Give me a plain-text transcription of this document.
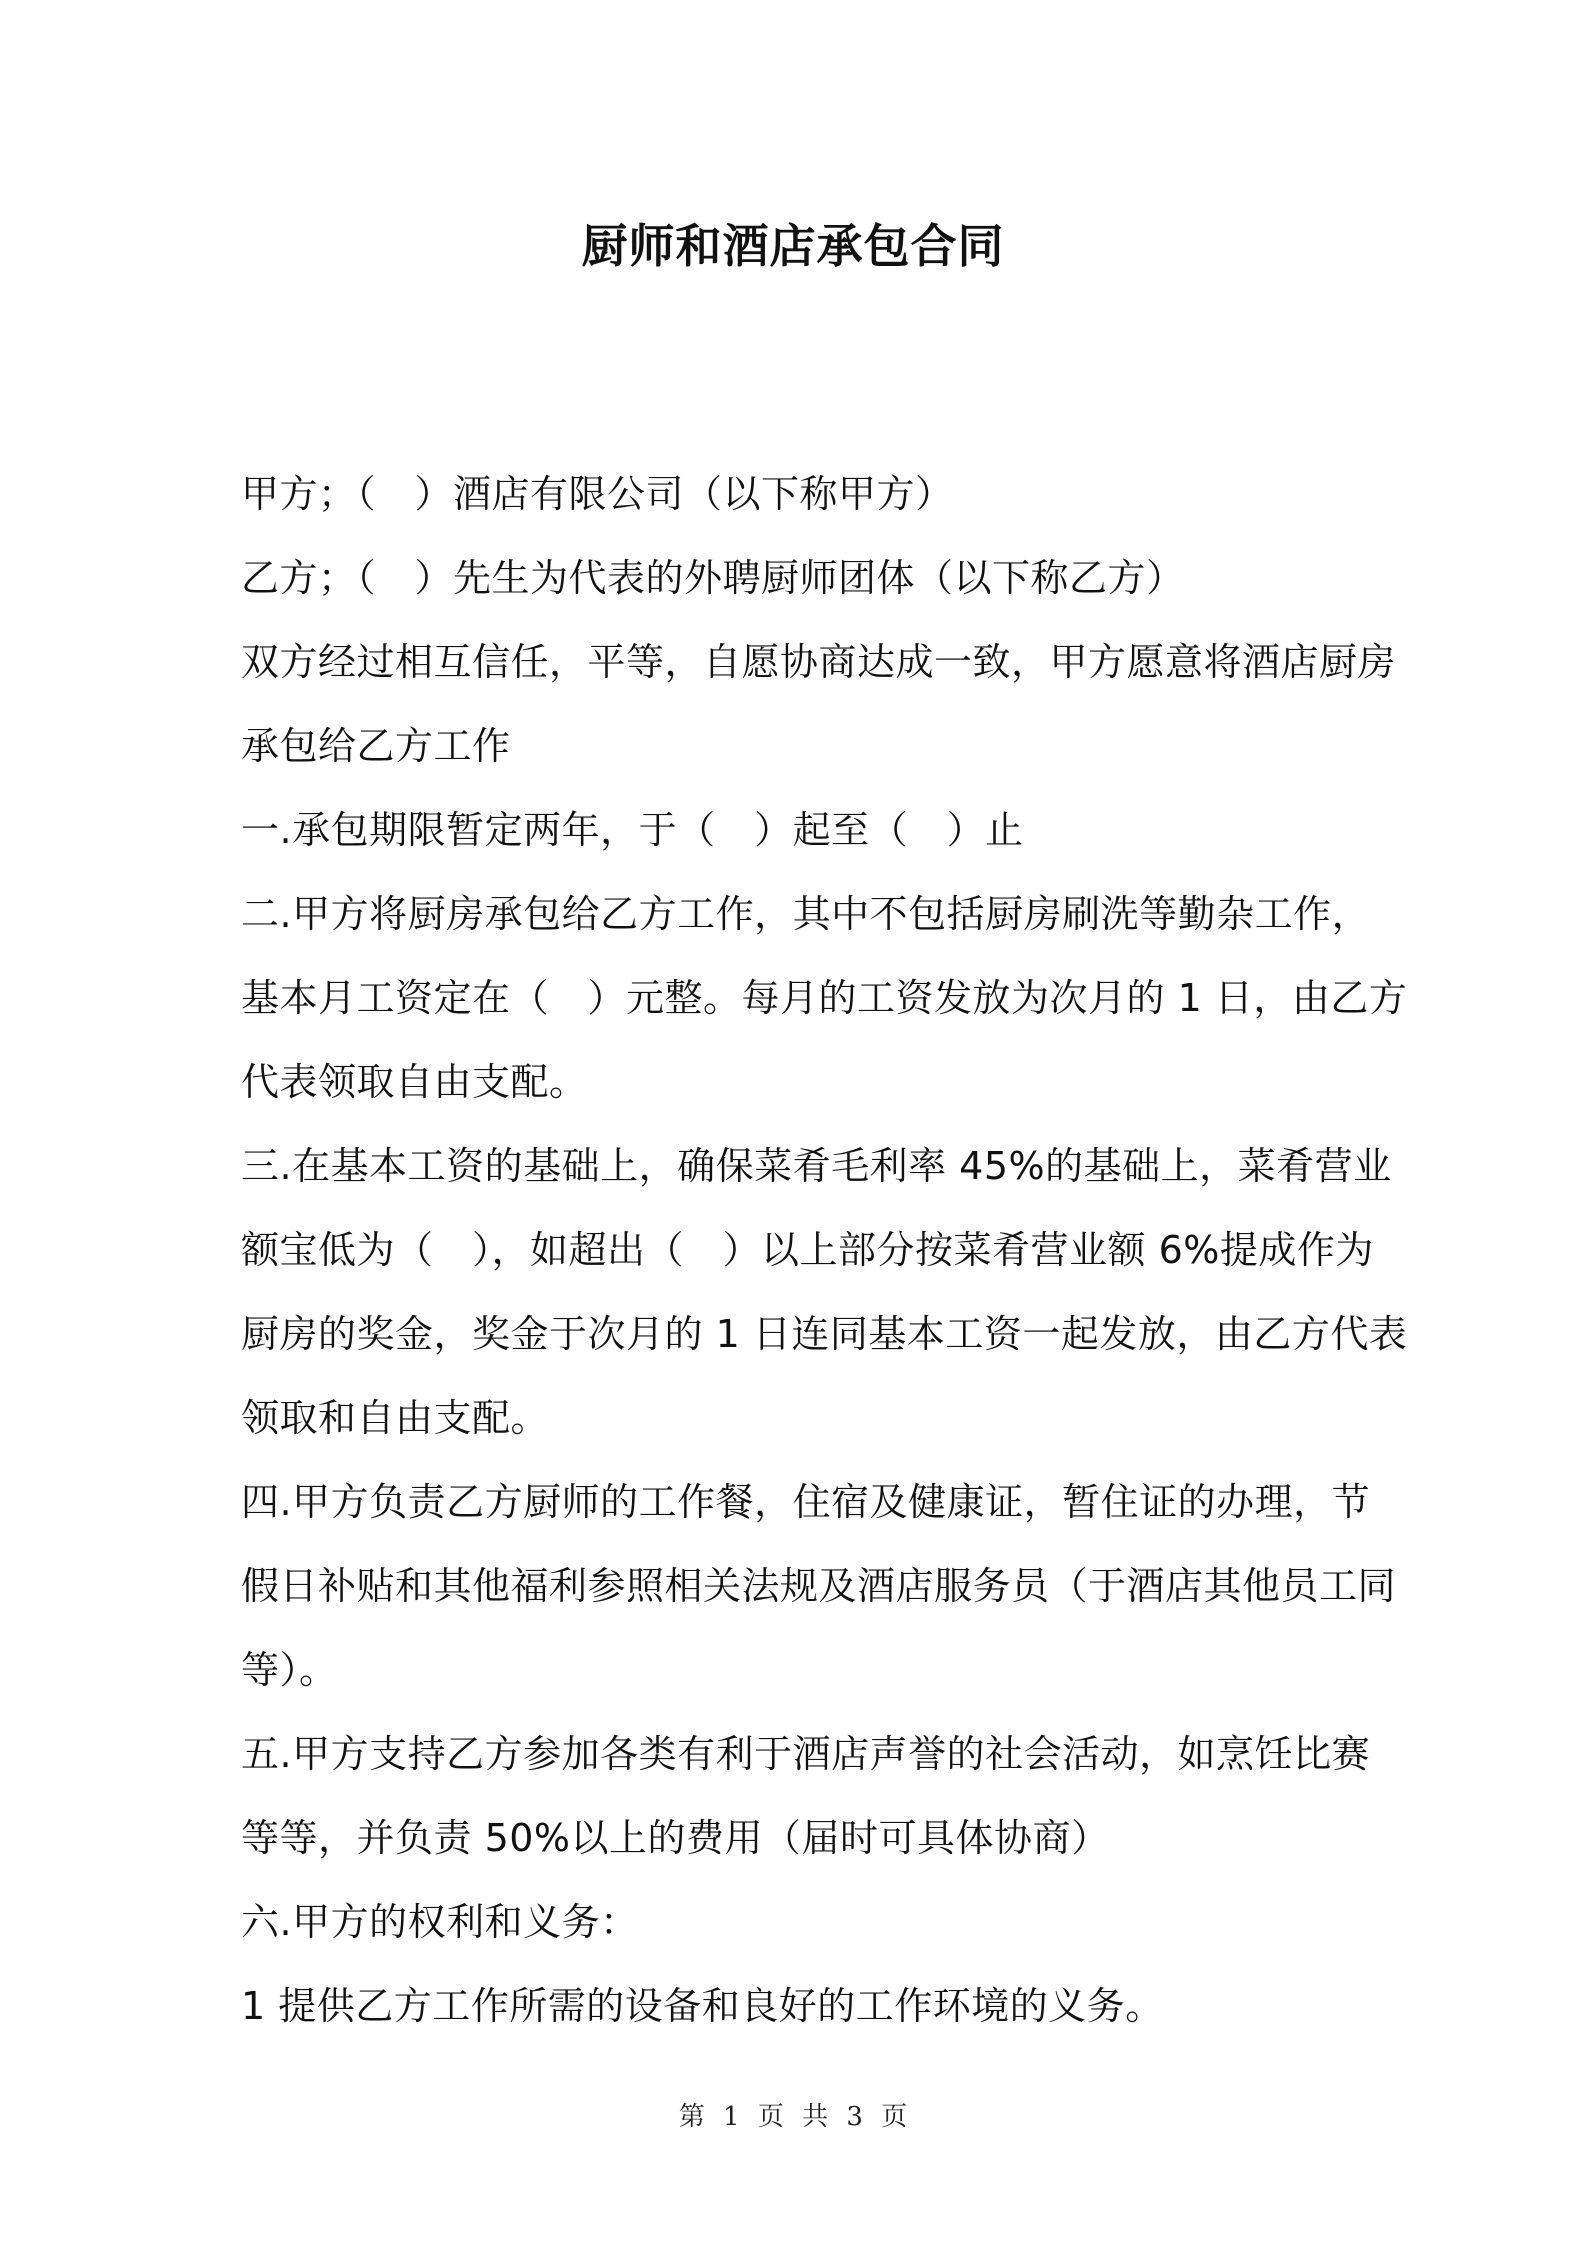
厨师和酒店承包合同
甲方；（　）酒店有限公司（以下称甲方）
乙方；（　）先生为代表的外聘厨师团体（以下称乙方）
双方经过相互信任，平等，自愿协商达成一致，甲方愿意将酒店厨房
承包给乙方工作
一.承包期限暂定两年，于（　）起至（　）止
二.甲方将厨房承包给乙方工作，其中不包括厨房刷洗等勤杂工作，
基本月工资定在（　）元整。每月的工资发放为次月的 1 日，由乙方
代表领取自由支配。
三.在基本工资的基础上，确保菜肴毛利率 45%的基础上，菜肴营业
额宝低为（　），如超出（　）以上部分按菜肴营业额 6%提成作为
厨房的奖金，奖金于次月的 1 日连同基本工资一起发放，由乙方代表
领取和自由支配。
四.甲方负责乙方厨师的工作餐，住宿及健康证，暂住证的办理，节
假日补贴和其他福利参照相关法规及酒店服务员（于酒店其他员工同
等）。
五.甲方支持乙方参加各类有利于酒店声誉的社会活动，如烹饪比赛
等等，并负责 50%以上的费用（届时可具体协商）
六.甲方的权利和义务：
1 提供乙方工作所需的设备和良好的工作环境的义务。
第 1 页 共 3 页
